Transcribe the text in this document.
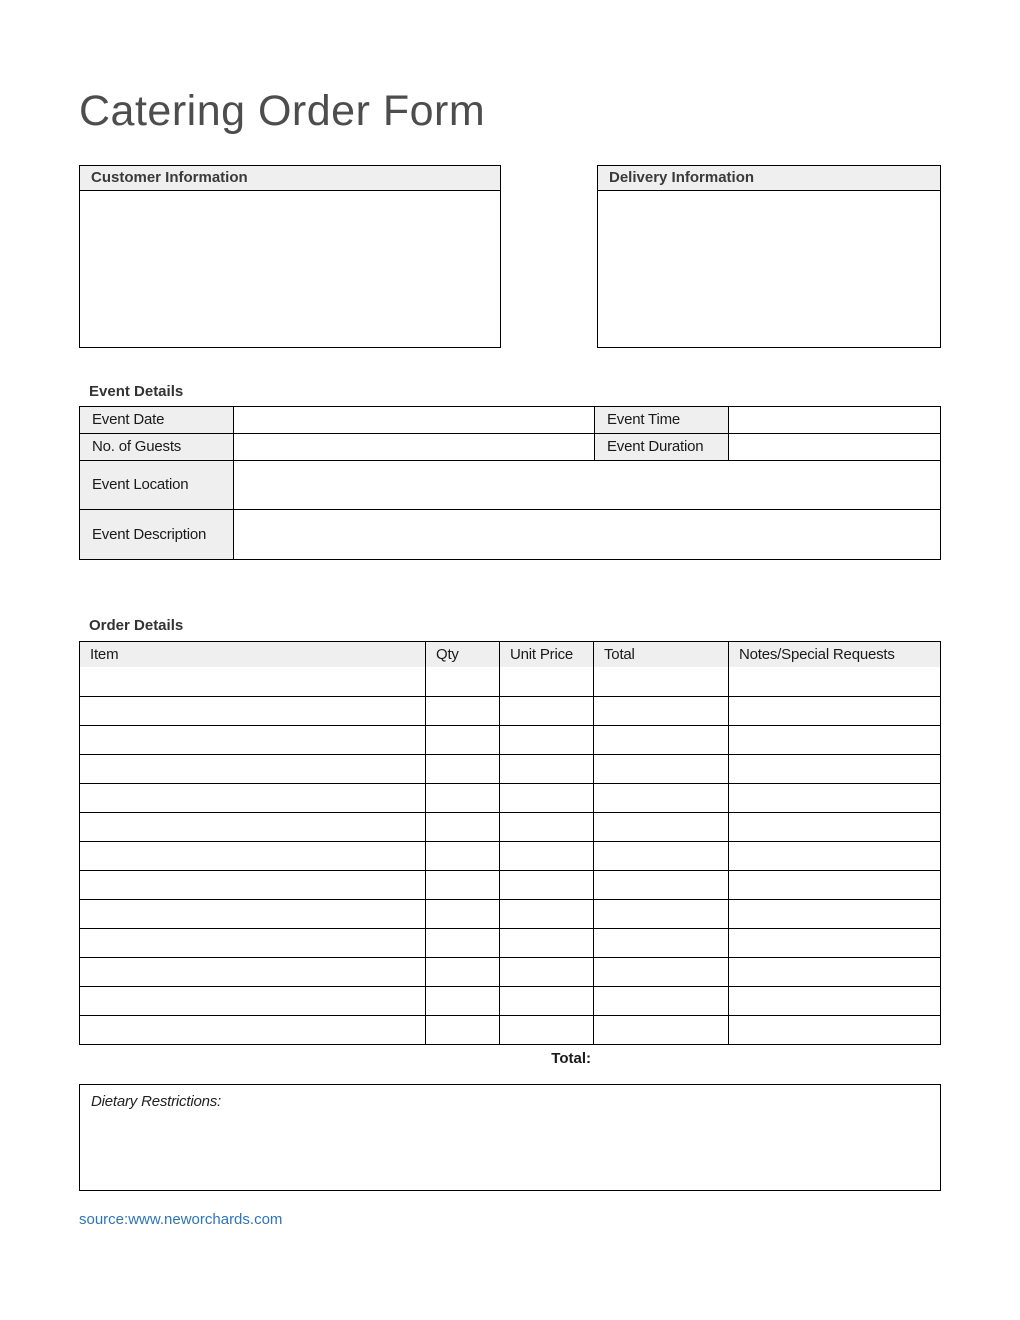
Catering Order Form
Customer Information	Delivery Information
Event Details
Event Date	Event Time
No. of Guests	Event Duration
Event Location
Event Description
Order Details
Item	Qty	Unit Price	Total	Notes/Special Requests
Total:
Dietary Restrictions:
source:www.neworchards.com
